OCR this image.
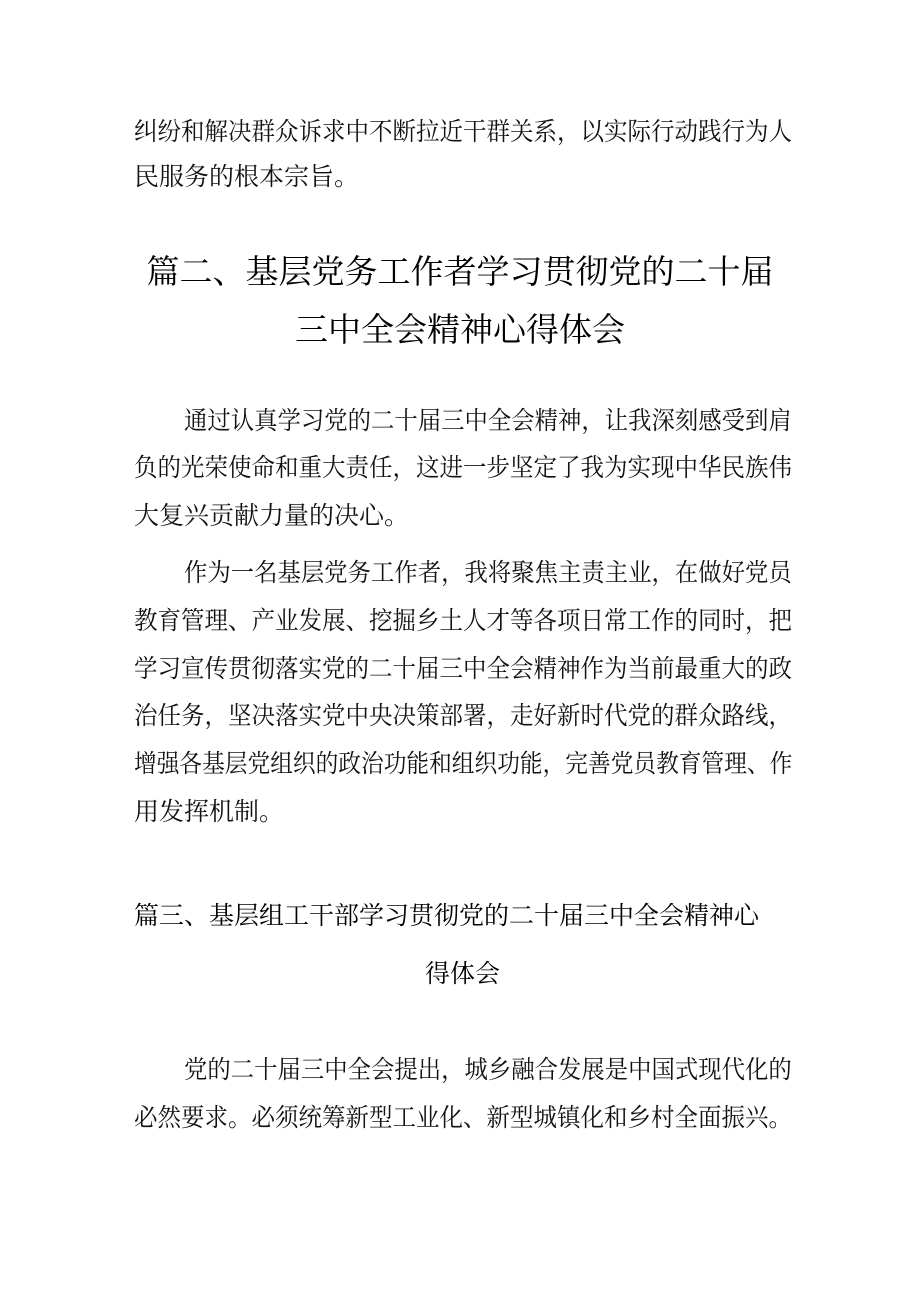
纠纷和解决群众诉求中不断拉近干群关系，以实际行动践行为人
民服务的根本宗旨。
篇二、基层党务工作者学习贯彻党的二十届
三中全会精神心得体会
通过认真学习党的二十届三中全会精神，让我深刻感受到肩
负的光荣使命和重大责任，这进一步坚定了我为实现中华民族伟
大复兴贡献力量的决心。
作为一名基层党务工作者，我将聚焦主责主业，在做好党员
教育管理、产业发展、挖掘乡土人才等各项日常工作的同时，把
学习宣传贯彻落实党的二十届三中全会精神作为当前最重大的政
治任务，坚决落实党中央决策部署，走好新时代党的群众路线，
增强各基层党组织的政治功能和组织功能，完善党员教育管理、作
用发挥机制。
篇三、基层组工干部学习贯彻党的二十届三中全会精神心
得体会
党的二十届三中全会提出，城乡融合发展是中国式现代化的
必然要求。必须统筹新型工业化、新型城镇化和乡村全面振兴。
